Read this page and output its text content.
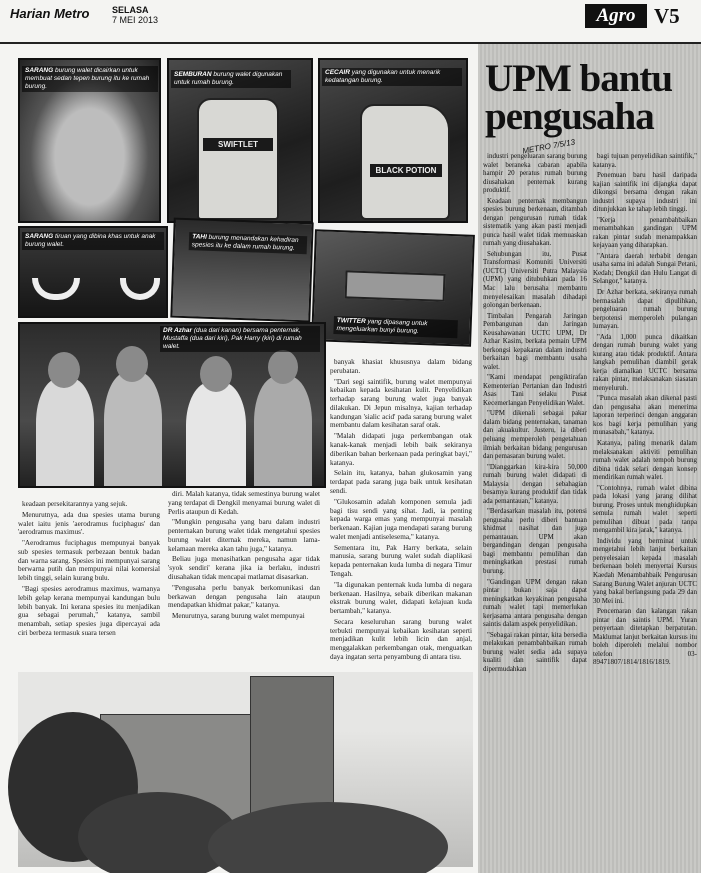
Harian Metro	SELASA
7 MEI 2013	Agro V5
SARANG burung walet dicairkan untuk membuat sedan tepen burung itu ke rumah burung.
SWIFTLET
SEMBURAN burung walet digunakan untuk rumah burung.
BLACK POTION
CECAIR yang digunakan untuk menarik kedatangan burung.
SARANG tiruan yang dibina khas untuk anak burung walet.
TAHI burung menandakan kehadiran spesies itu ke dalam rumah burung.
TWITTER yang dipasang untuk mengeluarkan bunyi burung.
DR Azhar (dua dari kanan) bersama penternak, Mustaffa (dua dari kiri), Pak Harry (kiri) di rumah walet.

banyak khasiat khususnya dalam bidang perubatan.

"Dari segi saintifik, burung walet mempunyai kebaikan kepada kesihatan kulit. Penyelidikan terhadap sarang burung walet juga banyak dilakukan. Di Jepun misalnya, kajian terhadap kandungan 'sialic acid' pada sarang burung walet membantu dalam kesihatan saraf otak.

"Malah didapati juga perkembangan otak kanak-kanak menjadi lebih baik sekiranya diberikan bahan berkenaan pada peringkat bayi," katanya.

Selain itu, katanya, bahan glukosamin yang terdapat pada sarang juga baik untuk kesihatan sendi.

"Glukosamin adalah komponen semula jadi bagi tisu sendi yang sihat. Jadi, ia penting kepada warga emas yang mempunyai masalah berkenaan. Kajian juga mendapati sarang burung walet menjadi antiselesema," katanya.

Sementara itu, Pak Harry berkata, selain manusia, sarang burung walet sudah diaplikasi kepada penternakan kuda lumba di negara Timur Tengah.

"Ia digunakan penternak kuda lumba di negara berkenaan. Hasilnya, sebaik diberikan makanan ekstrak burung walet, didapati kelajuan kuda bertambah," katanya.

Secara keseluruhan sarang burung walet terbukti mempunyai kebaikan kesihatan seperti menjadikan kulit lebih licin dan anjal, menggalakkan perkembangan otak, menguatkan daya ingatan serta penyambung di antara tisu.

keadaan persekitarannya yang sejuk.

Menurutnya, ada dua spesies utama burung walet iaitu jenis 'aerodramus fuciphagus' dan 'aerodramus maximus'.

"Aerodramus fuciphagus mempunyai banyak sub spesies termasuk perbezaan bentuk badan dan warna sarang. Spesies ini mempunyai sarang berwarna putih dan mempunyai nilai komersial lebih tinggi, selain kurang bulu.

"Bagi spesies aerodramus maximus, warnanya lebih gelap kerana mempunyai kandungan bulu lebih banyak. Ini kerana spesies itu menjadikan gua sebagai perumah," katanya, sambil menambah, setiap spesies juga dipercayai ada ciri berbeza termasuk suara tersen

diri. Malah katanya, tidak semestinya burung walet yang terdapat di Dengkil menyamai burung walet di Perlis ataupun di Kedah.

"Mungkin pengusaha yang baru dalam industri penternakan burung walet tidak mengetahui spesies burung walet diternak mereka, namun lama-kelamaan mereka akan tahu juga," katanya.

Beliau juga menasihatkan pengusaha agar tidak 'syok sendiri' kerana jika ia berlaku, industri diusahakan tidak mencapai matlamat disasarkan.

"Pengusaha perlu banyak berkomunikasi dan berkawan dengan pengusaha lain ataupun mendapatkan khidmat pakar," katanya.

Menurutnya, sarang burung walet mempunyai

UPM bantu pengusaha
METRO 7/5/13

industri pengeluaran sarang burung walet beraneka cabaran apabila hampir 20 peratus rumah burung diusahakan penternak kurang produktif.

Keadaan penternak membangun spesies burung berkenaan, ditambah dengan pengurusan rumah tidak sistematik yang akan pasti menjadi punca hasil walet tidak memuaskan rumah yang diusahakan.

Sehubungan itu, Pusat Transformasi Komuniti Universiti (UCTC) Universiti Putra Malaysia (UPM) yang ditubuhkan pada 16 Mac lalu berusaha membantu menyelesaikan masalah dihadapi golongan berkenaan.

Timbalan Pengarah Jaringan Pembangunan dan Jaringan Keusahawanan UCTC UPM, Dr Azhar Kasim, berkata pemain UPM berkongsi kepakaran dalam industri berkaitan bagi membantu usaha walet.

"Kami mendapat pengiktirafan Kementerian Pertanian dan Industri Asas Tani selaku Pusat Kecemerlangan Penyelidikan Walet.

"UPM dikenali sebagai pakar dalam bidang penternakan, tanaman dan akuakultur. Justeru, ia diberi peluang memperoleh pengetahuan ilmiah berkaitan bidang pengurusan dan pemasaran burung walet.

"Dianggarkan kira-kira 50,000 rumah burung walet didapati di Malaysia dengan sebahagian besarnya kurang produktif dan tidak ada pemantauan," katanya.

"Berdasarkan masalah itu, potensi pengusaha perlu diberi bantuan khidmat nasihat dan juga pemantauan. UPM akan bergandingan dengan pengusaha bagi membantu pemulihan dan meningkatkan prestasi rumah burung.

"Gandingan UPM dengan rakan pintar bukan saja dapat meningkatkan keyakinan pengusaha rumah walet tapi memerlukan kerjasama antara pengusaha dengan saintis dalam aspek penyelidikan.

"Sebagai rakan pintar, kita bersedia melakukan penambahbaikan rumah burung walet sedia ada supaya kualiti dan saintifik dapat dipermudahkan

bagi tujuan penyelidikan saintifik," katanya.

Penemuan baru hasil daripada kajian saintifik ini dijangka dapat dikongsi bersama dengan rakan industri supaya industri ini ditunjukkan ke tahap lebih tinggi.

"Kerja penambahbaikan menambahkan gandingan UPM rakan pintar sudah menampakkan kejayaan yang diharapkan.

"Antara daerah terbabit dengan usaha sama ini adalah Sungai Petani, Kedah; Dengkil dan Hulu Langat di Selangor," katanya.

Dr Azhar berkata, sekiranya rumah bermasalah dapat dipulihkan, pengeluaran rumah burung berpotensi memperoleh pulangan lumayan.

"Ada 1,000 punca dikaitkan dengan rumah burung walet yang kurang atau tidak produktif. Antara langkah pemulihan diambil gerak kerja diamalkan UCTC bersama rakan pintar, melaksanakan siasatan menyeluruh.

"Punca masalah akan dikenal pasti dan pengusaha akan menerima laporan terperinci dengan anggaran kos bagi kerja pemulihan yang munasabah," katanya.

Katanya, paling menarik dalam melaksanakan aktiviti pemulihan rumah walet adalah tempoh burung dibina tidak selari dengan konsep mendirikan rumah walet.

"Contohnya, rumah walet dibina pada lokasi yang jarang dilihat burung. Proses untuk menghidupkan semula rumah walet seperti pemulihan dibuat pada tanpa mengambil kira jarak," katanya.

Individu yang berminat untuk mengetahui lebih lanjut berkaitan penyelesaian kepada masalah berkenaan boleh menyertai Kursus Kaedah Menambahbaik Pengurusan Sarang Burung Walet anjuran UCTC yang bakal berlangsung pada 29 dan 30 Mei ini.

Pencemaran dan kalangan rakan pintar dan saintis UPM. Yuran penyertaan ditetapkan berpatutan. Maklumat lanjut berkaitan kursus itu boleh diperoleh melalui nombor telefon 03-89471807/1814/1816/1819.
